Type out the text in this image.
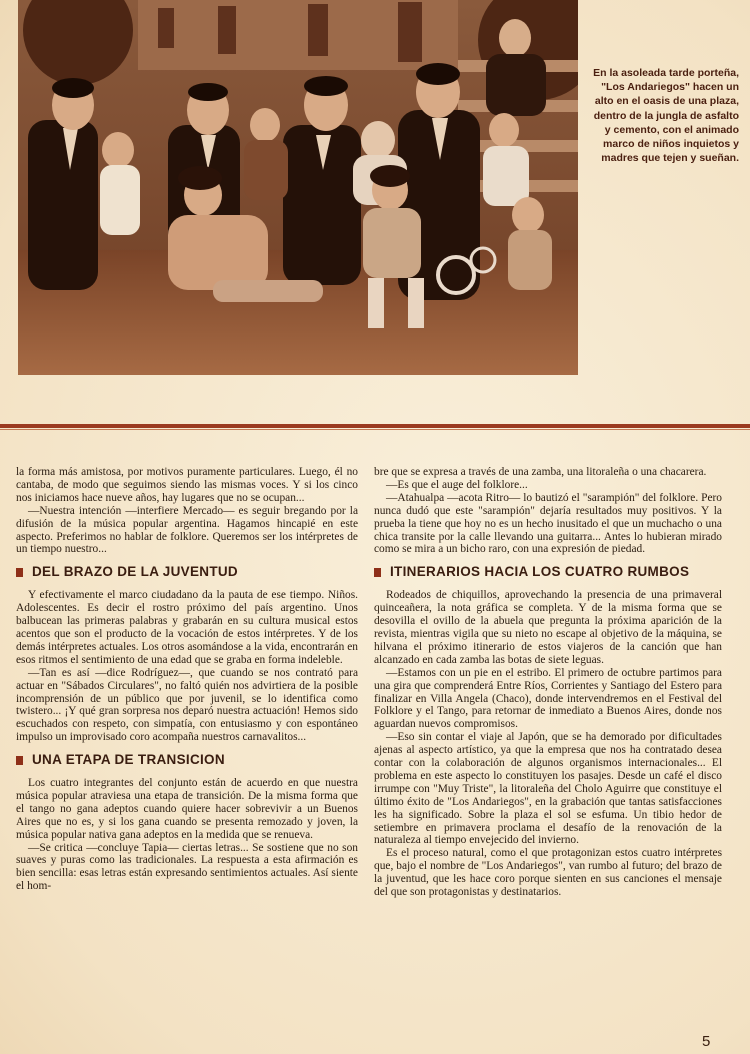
En la asoleada tarde porteña, "Los Andariegos" hacen un alto en el oasis de una plaza, dentro de la jungla de asfalto y cemento, con el animado marco de niños inquietos y madres que tejen y sueñan.

la forma más amistosa, por motivos puramente particulares. Luego, él no cantaba, de modo que seguimos siendo las mismas voces. Y si los cinco nos iniciamos hace nueve años, hay lugares que no se ocupan...

—Nuestra intención —interfiere Mercado— es seguir bregando por la difusión de la música popular argentina. Hagamos hincapié en este aspecto. Preferimos no hablar de folklore. Queremos ser los intérpretes de un tiempo nuestro...

DEL BRAZO DE LA JUVENTUD

Y efectivamente el marco ciudadano da la pauta de ese tiempo. Niños. Adolescentes. Es decir el rostro próximo del país argentino. Unos balbucean las primeras palabras y grabarán en su cultura musical estos acentos que son el producto de la vocación de estos intérpretes. Y de los demás intérpretes actuales. Los otros asomándose a la vida, encontrarán en esos ritmos el sentimiento de una edad que se graba en forma indeleble.

—Tan es así —dice Rodríguez—, que cuando se nos contrató para actuar en "Sábados Circulares", no faltó quién nos advirtiera de la posible incomprensión de un público que por juvenil, se lo identifica como twistero... ¡Y qué gran sorpresa nos deparó nuestra actuación! Hemos sido escuchados con respeto, con simpatía, con entusiasmo y con espontáneo impulso un improvisado coro acompaña nuestros carnavalitos...

UNA ETAPA DE TRANSICION

Los cuatro integrantes del conjunto están de acuerdo en que nuestra música popular atraviesa una etapa de transición. De la misma forma que el tango no gana adeptos cuando quiere hacer sobrevivir a un Buenos Aires que no es, y si los gana cuando se presenta remozado y joven, la música popular nativa gana adeptos en la medida que se renueva.

—Se critica —concluye Tapia— ciertas letras... Se sostiene que no son suaves y puras como las tradicionales. La respuesta a esta afirmación es bien sencilla: esas letras están expresando sentimientos actuales. Así siente el hom-

bre que se expresa a través de una zamba, una litoraleña o una chacarera.

—Es que el auge del folklore...

—Atahualpa —acota Ritro— lo bautizó el "sarampión" del folklore. Pero nunca dudó que este "sarampión" dejaría resultados muy positivos. Y la prueba la tiene que hoy no es un hecho inusitado el que un muchacho o una chica transite por la calle llevando una guitarra... Antes lo hubieran mirado como se mira a un bicho raro, con una expresión de piedad.

ITINERARIOS HACIA LOS CUATRO RUMBOS

Rodeados de chiquillos, aprovechando la presencia de una primaveral quinceañera, la nota gráfica se completa. Y de la misma forma que se desovilla el ovillo de la abuela que pregunta la próxima aparición de la revista, mientras vigila que su nieto no escape al objetivo de la máquina, se hilvana el próximo itinerario de estos viajeros de la canción que han alcanzado en cada zamba las botas de siete leguas.

—Estamos con un pie en el estribo. El primero de octubre partimos para una gira que comprenderá Entre Ríos, Corrientes y Santiago del Estero para finalizar en Villa Angela (Chaco), donde intervendremos en el Festival del Folklore y el Tango, para retornar de inmediato a Buenos Aires, donde nos aguardan nuevos compromisos.

—Eso sin contar el viaje al Japón, que se ha demorado por dificultades ajenas al aspecto artístico, ya que la empresa que nos ha contratado desea contar con la colaboración de algunos organismos internacionales... El problema en este aspecto lo constituyen los pasajes. Desde un café el disco irrumpe con "Muy Triste", la litoraleña del Cholo Aguirre que constituye el último éxito de "Los Andariegos", en la grabación que tantas satisfacciones les ha significado. Sobre la plaza el sol se esfuma. Un tibio hedor de setiembre en primavera proclama el desafío de la renovación de la naturaleza al tiempo envejecido del invierno.

Es el proceso natural, como el que protagonizan estos cuatro intérpretes que, bajo el nombre de "Los Andariegos", van rumbo al futuro; del brazo de la juventud, que les hace coro porque sienten en sus canciones el mensaje del que son protagonistas y destinatarios.

5
